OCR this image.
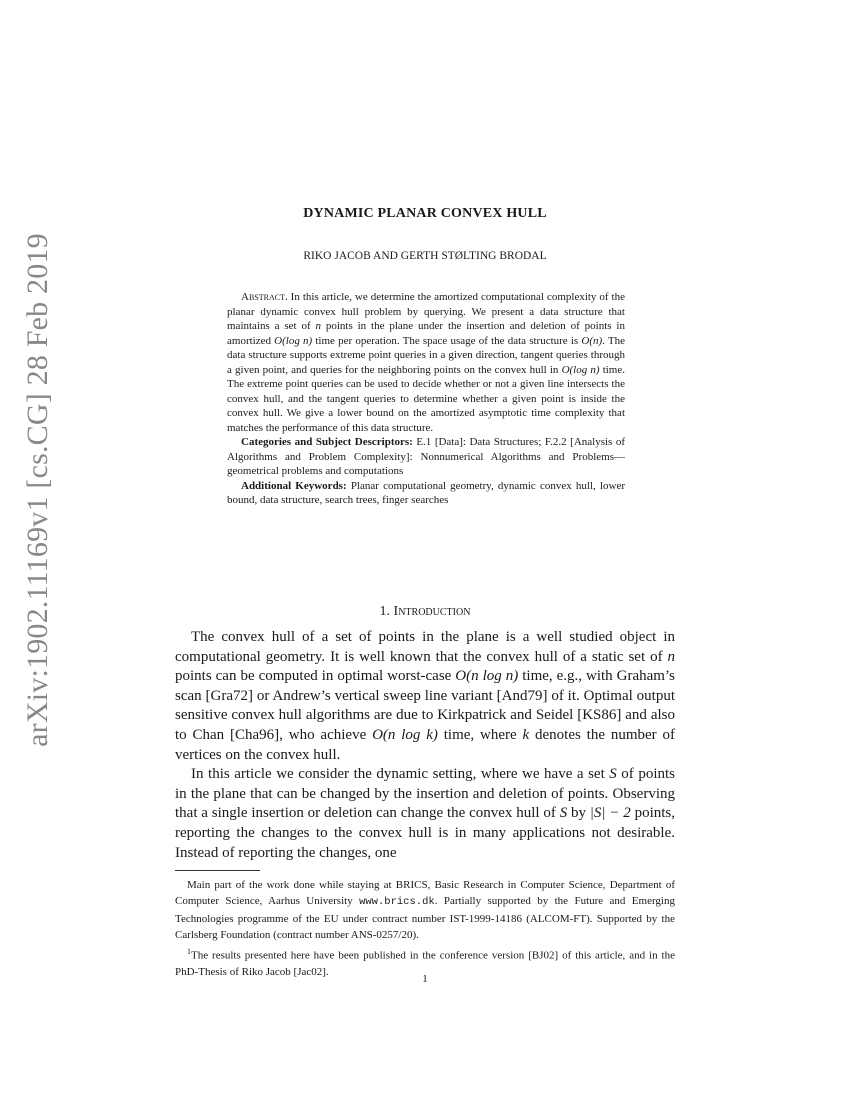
arXiv:1902.11169v1 [cs.CG] 28 Feb 2019
DYNAMIC PLANAR CONVEX HULL
RIKO JACOB AND GERTH STØLTING BRODAL

Abstract. In this article, we determine the amortized computational complexity of the planar dynamic convex hull problem by querying. We present a data structure that maintains a set of n points in the plane under the insertion and deletion of points in amortized O(log n) time per operation. The space usage of the data structure is O(n). The data structure supports extreme point queries in a given direction, tangent queries through a given point, and queries for the neighboring points on the convex hull in O(log n) time. The extreme point queries can be used to decide whether or not a given line intersects the convex hull, and the tangent queries to determine whether a given point is inside the convex hull. We give a lower bound on the amortized asymptotic time complexity that matches the performance of this data structure.

Categories and Subject Descriptors: E.1 [Data]: Data Structures; F.2.2 [Analysis of Algorithms and Problem Complexity]: Nonnumerical Algorithms and Problems—geometrical problems and computations

Additional Keywords: Planar computational geometry, dynamic convex hull, lower bound, data structure, search trees, finger searches

1. Introduction

The convex hull of a set of points in the plane is a well studied object in computational geometry. It is well known that the convex hull of a static set of n points can be computed in optimal worst-case O(n log n) time, e.g., with Graham’s scan [Gra72] or Andrew’s vertical sweep line variant [And79] of it. Optimal output sensitive convex hull algorithms are due to Kirkpatrick and Seidel [KS86] and also to Chan [Cha96], who achieve O(n log k) time, where k denotes the number of vertices on the convex hull.

In this article we consider the dynamic setting, where we have a set S of points in the plane that can be changed by the insertion and deletion of points. Observing that a single insertion or deletion can change the convex hull of S by |S| − 2 points, reporting the changes to the convex hull is in many applications not desirable. Instead of reporting the changes, one

Main part of the work done while staying at BRICS, Basic Research in Computer Science, Department of Computer Science, Aarhus University www.brics.dk. Partially supported by the Future and Emerging Technologies programme of the EU under contract number IST-1999-14186 (ALCOM-FT). Supported by the Carlsberg Foundation (contract number ANS-0257/20).

$^1$The results presented here have been published in the conference version [BJ02] of this article, and in the PhD-Thesis of Riko Jacob [Jac02].

1
